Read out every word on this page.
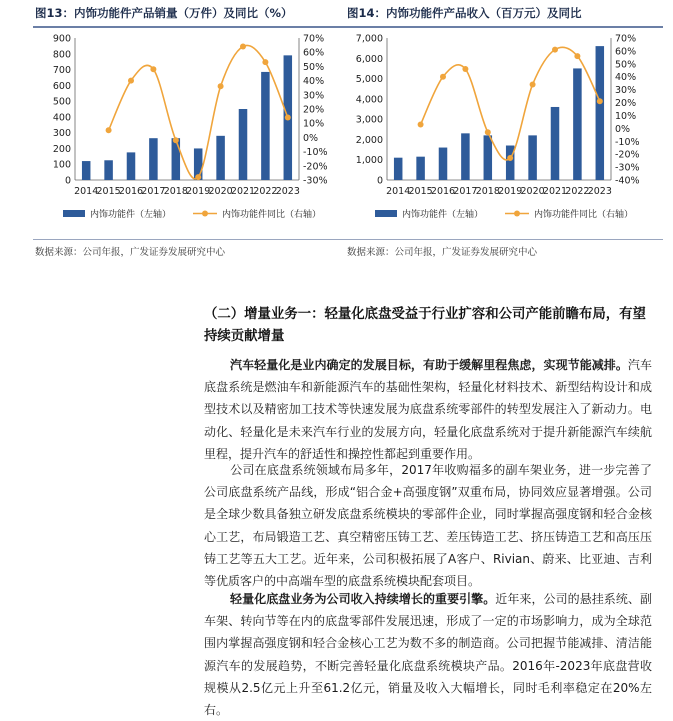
图13：内饰功能件产品销量（万件）及同比（%）
0
100
200
300
400
500
600
700
800
900
-30%
-20%
-10%
0%
10%
20%
30%
40%
50%
60%
70%
2014
2015
2016
2017
2018
2019
2020
2021
2022
2023
内饰功能件（左轴）	内饰功能件同比（右轴）
数据来源：公司年报，广发证券发展研究中心
图14：内饰功能件产品收入（百万元）及同比
0
1,000
2,000
3,000
4,000
5,000
6,000
7,000
-40%
-30%
-20%
-10%
0%
10%
20%
30%
40%
50%
60%
70%
2014
2015
2016
2017
2018
2019
2020
2021
2022
2023
内饰功能件（左轴）	内饰功能件同比（右轴）
数据来源：公司年报，广发证券发展研究中心
（二）增量业务一：轻量化底盘受益于行业扩容和公司产能前瞻布局，有望持续贡献增量
汽车轻量化是业内确定的发展目标，有助于缓解里程焦虑，实现节能减排。汽车底盘系统是燃油车和新能源汽车的基础性架构，轻量化材料技术、新型结构设计和成型技术以及精密加工技术等快速发展为底盘系统零部件的转型发展注入了新动力。电动化、轻量化是未来汽车行业的发展方向，轻量化底盘系统对于提升新能源汽车续航里程，提升汽车的舒适性和操控性都起到重要作用。
公司在底盘系统领域布局多年，2017年收购福多的副车架业务，进一步完善了公司底盘系统产品线，形成“铝合金+高强度钢”双重布局，协同效应显著增强。公司是全球少数具备独立研发底盘系统模块的零部件企业，同时掌握高强度钢和轻合金核心工艺，布局锻造工艺、真空精密压铸工艺、差压铸造工艺、挤压铸造工艺和高压压铸工艺等五大工艺。近年来，公司积极拓展了A客户、Rivian、蔚来、比亚迪、吉利等优质客户的中高端车型的底盘系统模块配套项目。
轻量化底盘业务为公司收入持续增长的重要引擎。近年来，公司的悬挂系统、副车架、转向节等在内的底盘零部件发展迅速，形成了一定的市场影响力，成为全球范围内掌握高强度钢和轻合金核心工艺为数不多的制造商。公司把握节能减排、清洁能源汽车的发展趋势，不断完善轻量化底盘系统模块产品。2016年-2023年底盘营收规模从2.5亿元上升至61.2亿元，销量及收入大幅增长，同时毛利率稳定在20%左右。
